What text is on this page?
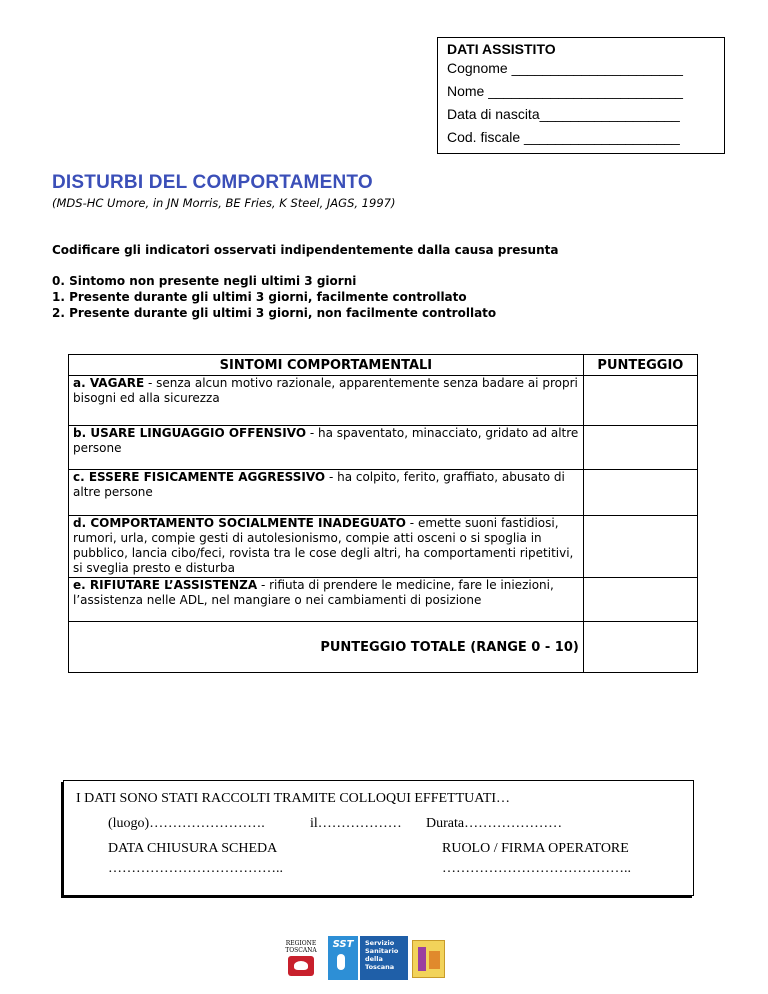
DATI ASSISTITO
Cognome ______________________
Nome _________________________
Data di nascita__________________
Cod. fiscale ____________________
DISTURBI DEL COMPORTAMENTO
(MDS-HC Umore, in JN Morris, BE Fries, K Steel, JAGS, 1997)
Codificare gli indicatori osservati indipendentemente dalla causa presunta
0. Sintomo non presente negli ultimi 3 giorni
1. Presente durante gli ultimi 3 giorni, facilmente controllato
2. Presente durante gli ultimi 3 giorni, non facilmente controllato
SINTOMI COMPORTAMENTALI	PUNTEGGIO
a. VAGARE - senza alcun motivo razionale, apparentemente senza badare ai propri bisogni ed alla sicurezza	
b. USARE LINGUAGGIO OFFENSIVO - ha spaventato, minacciato, gridato ad altre persone	
c. ESSERE FISICAMENTE AGGRESSIVO - ha colpito, ferito, graffiato, abusato di altre persone	
d. COMPORTAMENTO SOCIALMENTE INADEGUATO - emette suoni fastidiosi, rumori, urla, compie gesti di autolesionismo, compie atti osceni o si spoglia in pubblico, lancia cibo/feci, rovista tra le cose degli altri, ha comportamenti ripetitivi, si sveglia presto e disturba	
e. RIFIUTARE L’ASSISTENZA - rifiuta di prendere le medicine, fare le iniezioni, l’assistenza nelle ADL, nel mangiare o nei cambiamenti di posizione	
PUNTEGGIO TOTALE (RANGE 0 - 10)	
I DATI SONO STATI RACCOLTI TRAMITE COLLOQUI EFFETTUATI…
(luogo)…………………….	il……………… Durata…………………
DATA CHIUSURA SCHEDA
………………………………..
RUOLO / FIRMA OPERATORE
…………………………………..
REGIONE TOSCANA
SST	Servizio
Sanitario
della
Toscana
